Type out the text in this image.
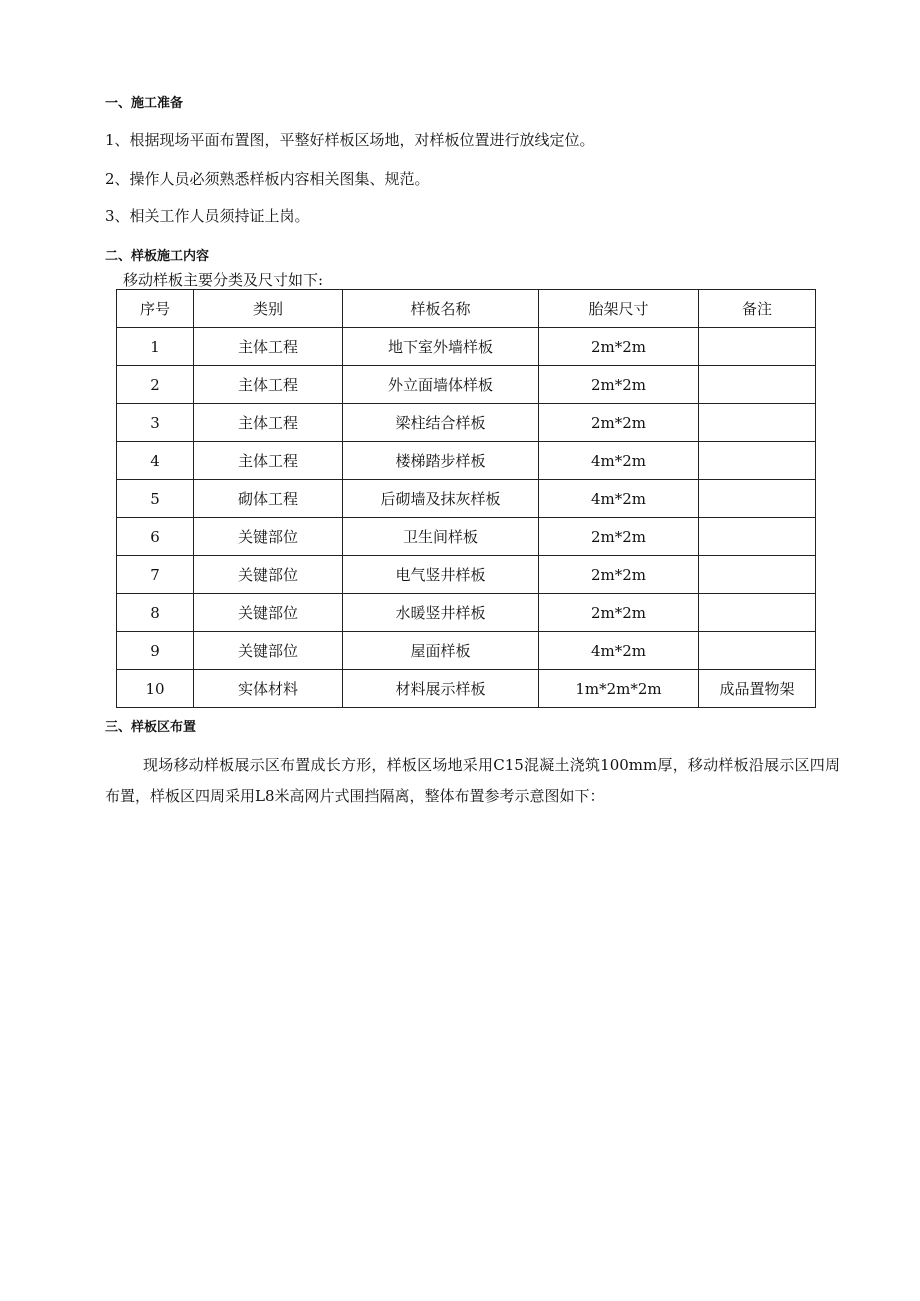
一、施工准备
1、根据现场平面布置图，平整好样板区场地，对样板位置进行放线定位。
2、操作人员必须熟悉样板内容相关图集、规范。
3、相关工作人员须持证上岗。
二、样板施工内容
移动样板主要分类及尺寸如下:
序号	类别	样板名称	胎架尺寸	备注
1	主体工程	地下室外墙样板	2m*2m	
2	主体工程	外立面墙体样板	2m*2m	
3	主体工程	梁柱结合样板	2m*2m	
4	主体工程	楼梯踏步样板	4m*2m	
5	砌体工程	后砌墙及抹灰样板	4m*2m	
6	关键部位	卫生间样板	2m*2m	
7	关键部位	电气竖井样板	2m*2m	
8	关键部位	水暖竖井样板	2m*2m	
9	关键部位	屋面样板	4m*2m	
10	实体材料	材料展示样板	1m*2m*2m	成品置物架
三、样板区布置
现场移动样板展示区布置成长方形，样板区场地采用C15混凝土浇筑100mm厚，移动样板沿展示区四周布置，样板区四周采用L8米高网片式围挡隔离，整体布置参考示意图如下：
